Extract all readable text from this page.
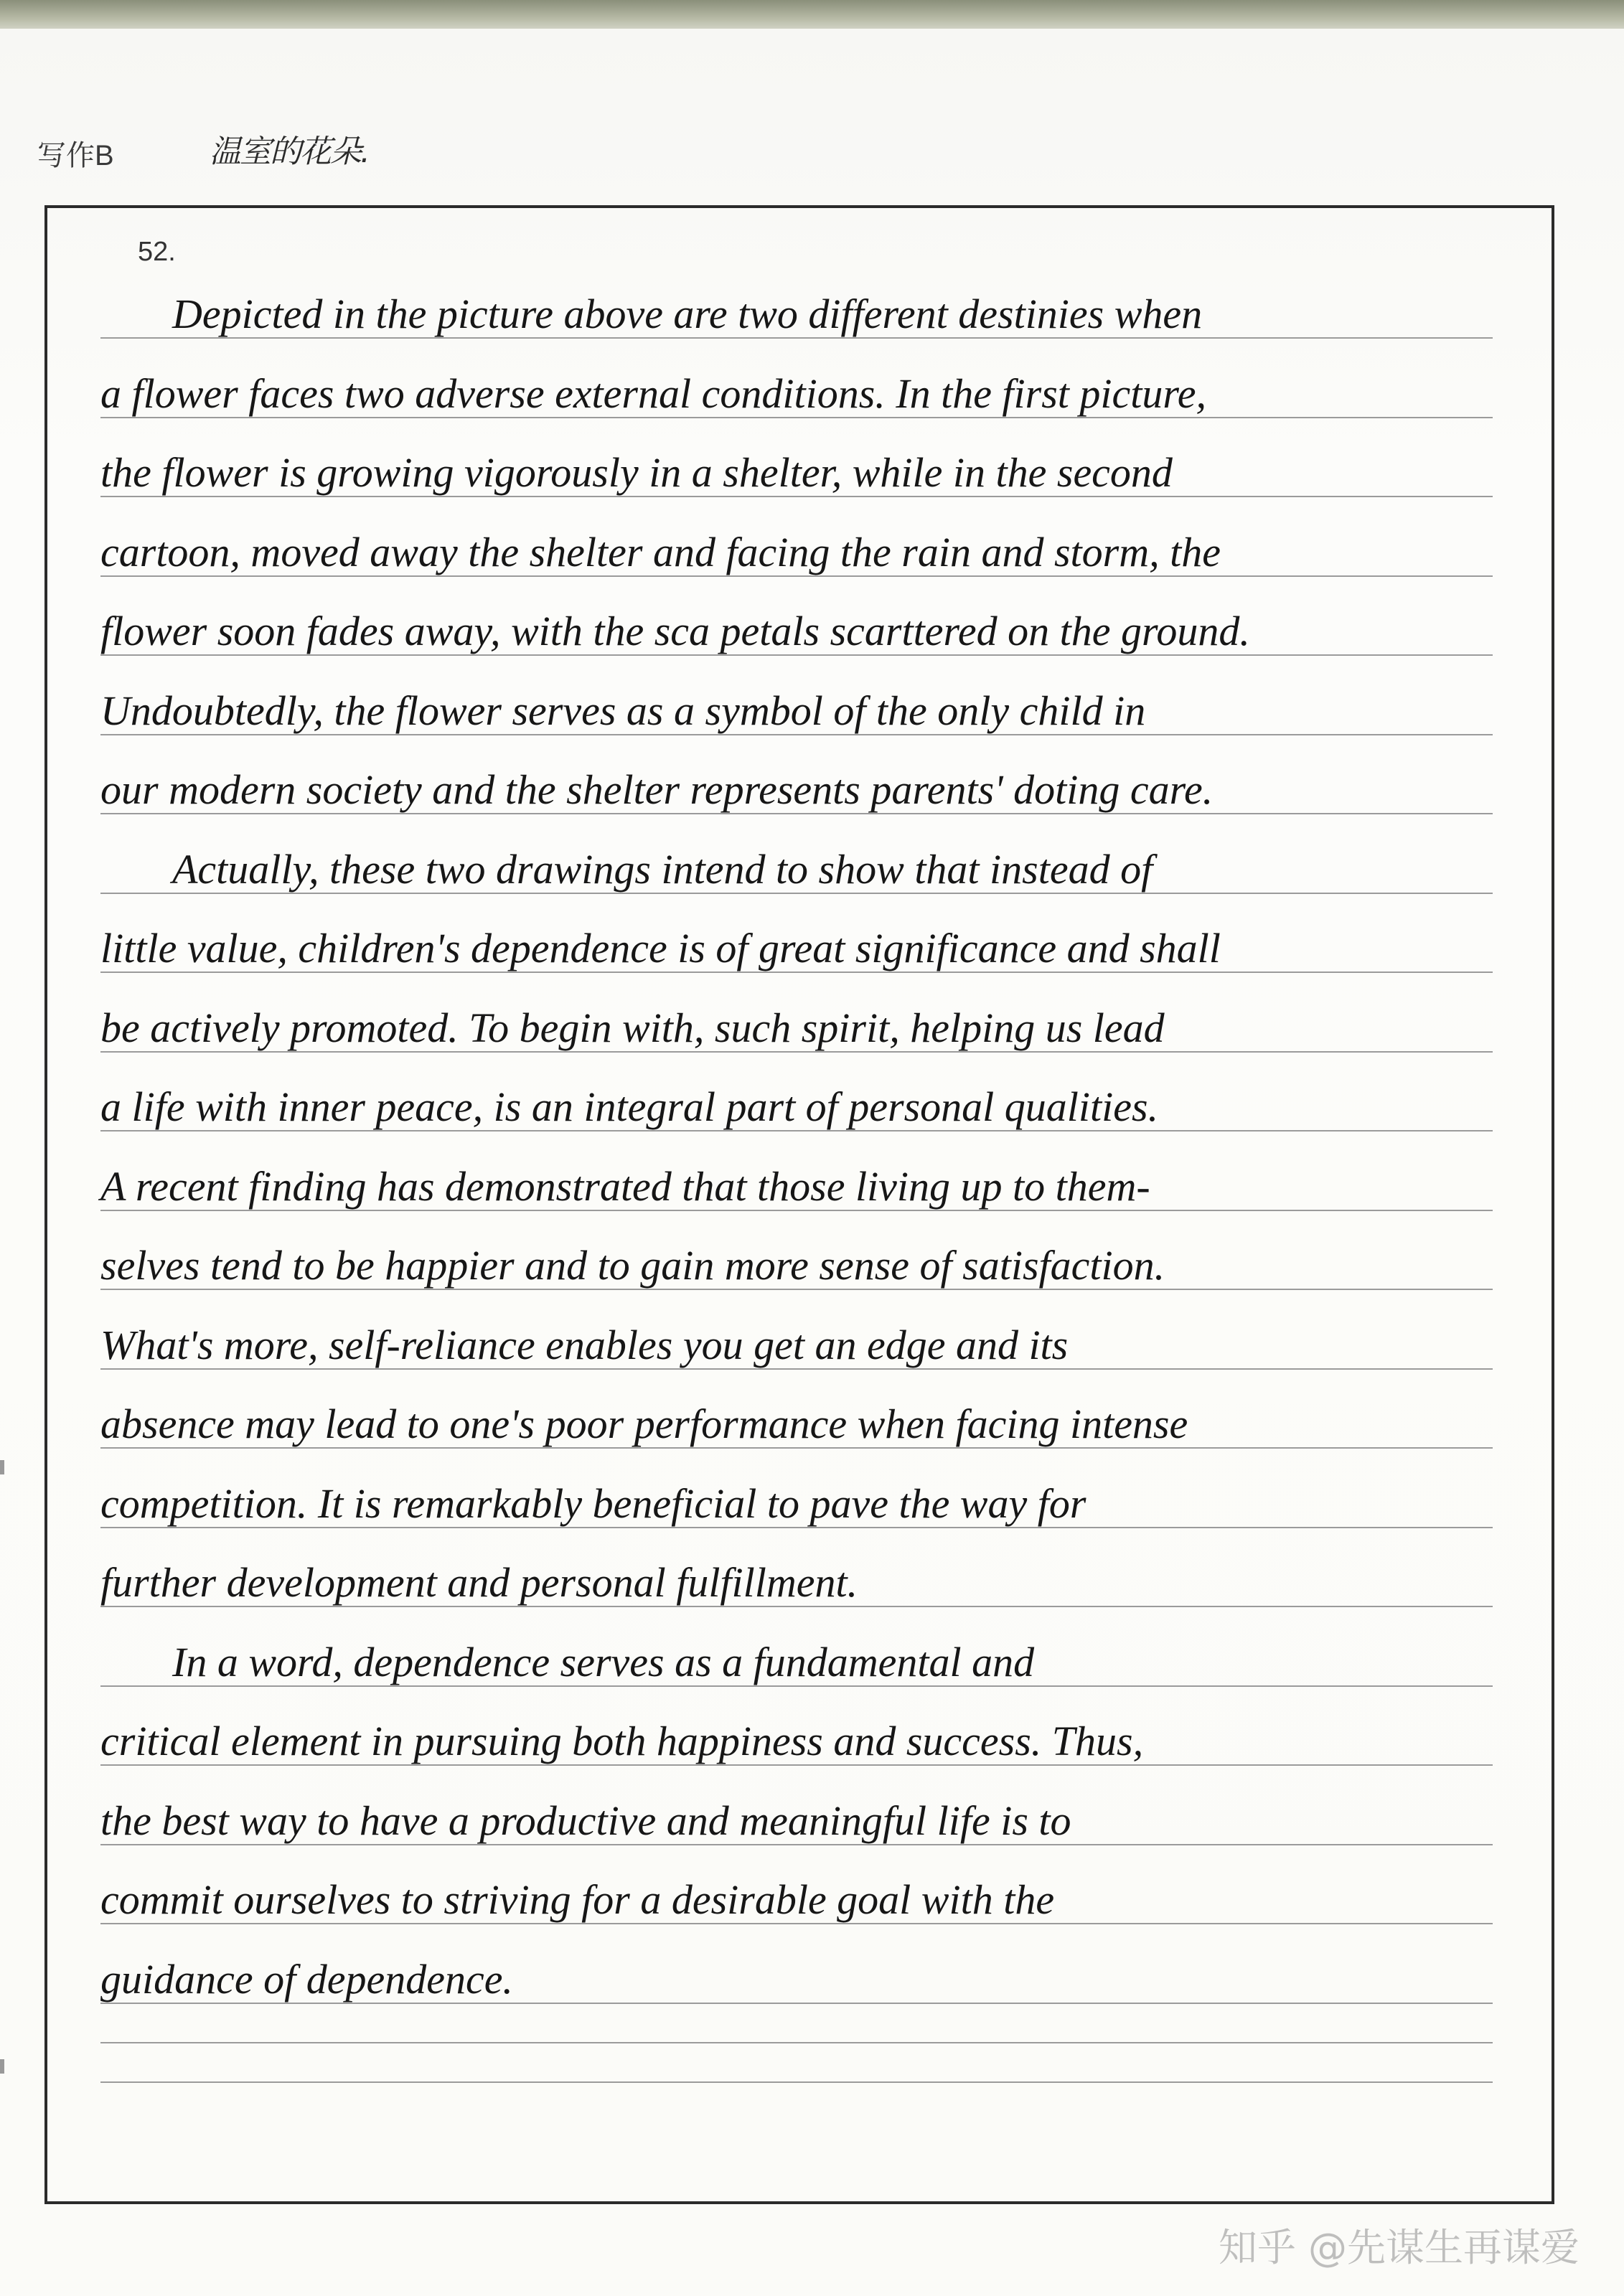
写作B	温室的花朵.
52.
Depicted in the picture above are two different destinies when
a flower faces two adverse external conditions. In the first picture,
the flower is growing vigorously in a shelter, while in the second
cartoon, moved away the shelter and facing the rain and storm, the
flower soon fades away, with the sca petals scarttered on the ground.
Undoubtedly, the flower serves as a symbol of the only child in
our modern society and the shelter represents parents' doting care.
Actually, these two drawings intend to show that instead of
little value, children's dependence is of great significance and shall
be actively promoted. To begin with, such spirit, helping us lead
a life with inner peace, is an integral part of personal qualities.
A recent finding has demonstrated that those living up to them-
selves tend to be happier and to gain more sense of satisfaction.
What's more, self-reliance enables you get an edge and its
absence may lead to one's poor performance when facing intense
competition. It is remarkably beneficial to pave the way for
further development and personal fulfillment.
In a word, dependence serves as a fundamental and
critical element in pursuing both happiness and success. Thus,
the best way to have a productive and meaningful life is to
commit ourselves to striving for a desirable goal with the
guidance of dependence.
知乎 @先谋生再谋爱
